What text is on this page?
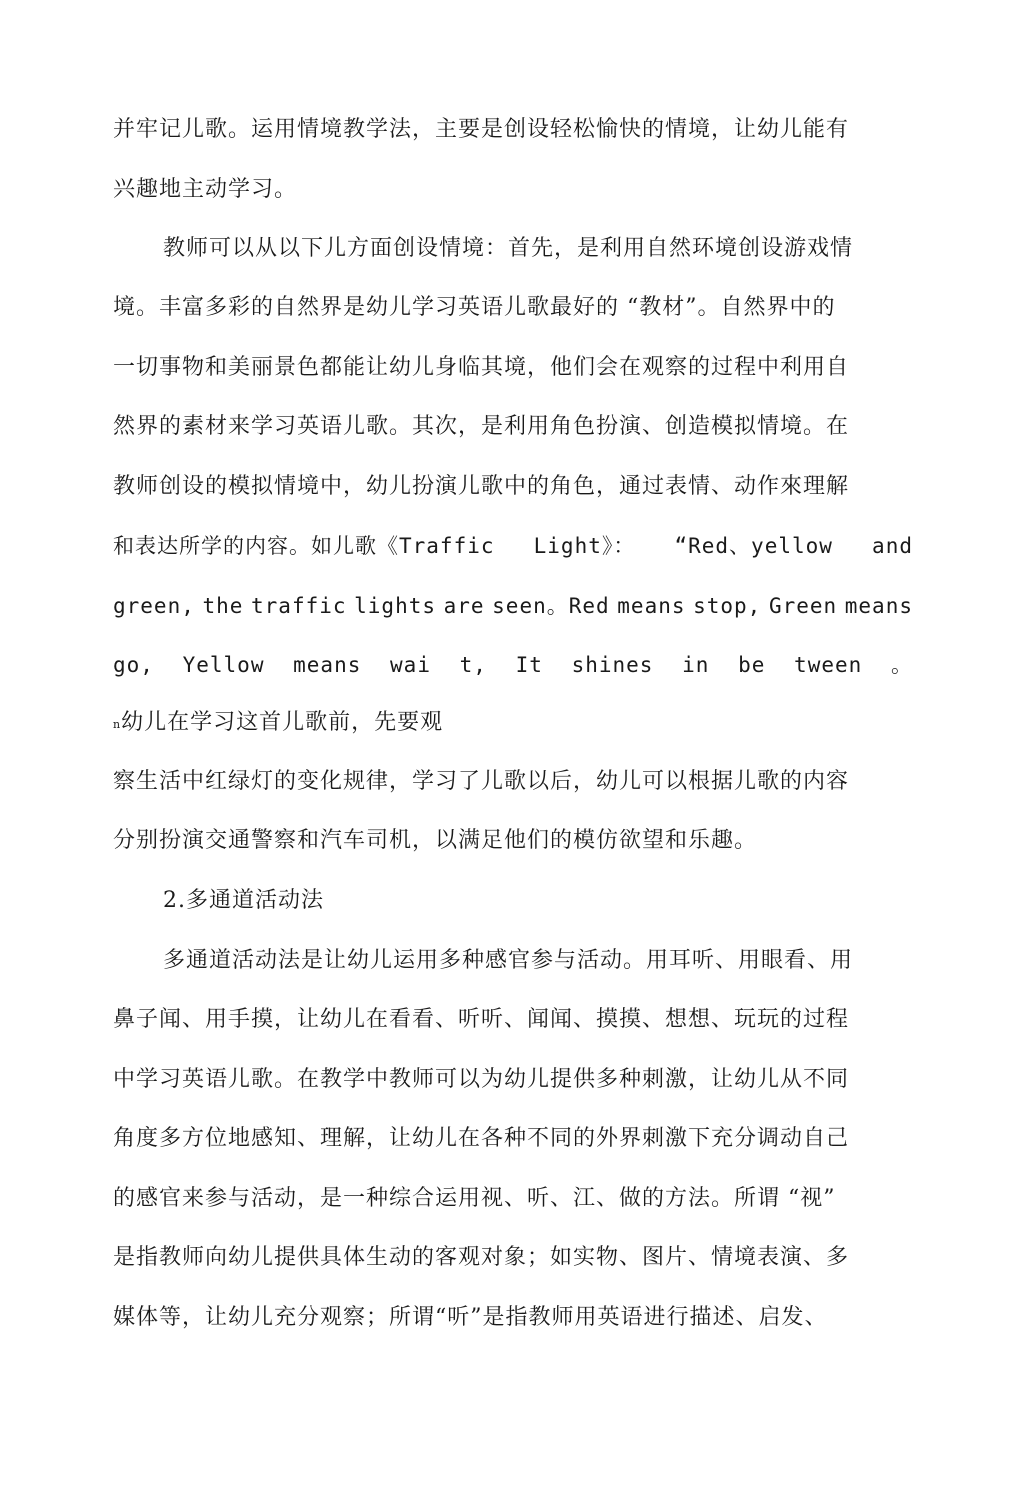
并牢记儿歌。运用情境教学法，主要是创设轻松愉快的情境，让幼儿能有
兴趣地主动学习。
教师可以从以下儿方面创设情境：首先，是利用自然环境创设游戏情
境。丰富多彩的自然界是幼儿学习英语儿歌最好的 “教材”。自然界中的
一切事物和美丽景色都能让幼儿身临其境，他们会在观察的过程中利用自
然界的素材来学习英语儿歌。其次，是利用角色扮演、创造模拟情境。在
教师创设的模拟情境中，幼儿扮演儿歌中的角色，通过表情、动作來理解
和表达所学的内容。如儿歌《Traffic Light》： “Red、yellow and
green, the traffic lights are seen。Red means stop, Green means
go, Yellow means wai t, It shines in be tween 。
$^n$幼儿在学习这首儿歌前，先要观
察生活中红绿灯的变化规律，学习了儿歌以后，幼儿可以根据儿歌的内容
分别扮演交通警察和汽车司机，以满足他们的模仿欲望和乐趣。
2.多通道活动法
多通道活动法是让幼儿运用多种感官参与活动。用耳听、用眼看、用
鼻子闻、用手摸，让幼儿在看看、听听、闻闻、摸摸、想想、玩玩的过程
中学习英语儿歌。在教学中教师可以为幼儿提供多种刺激，让幼儿从不同
角度多方位地感知、理解，让幼儿在各种不同的外界刺激下充分调动自己
的感官来参与活动，是一种综合运用视、听、江、做的方法。所谓 “视”
是指教师向幼儿提供具体生动的客观对象；如实物、图片、情境表演、多
媒体等，让幼儿充分观察；所谓“听”是指教师用英语进行描述、启发、
